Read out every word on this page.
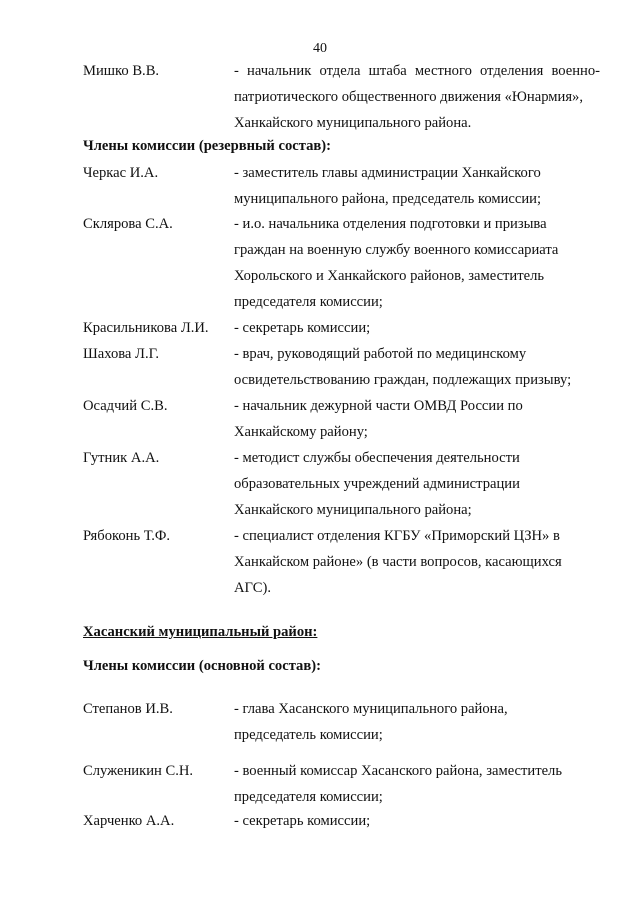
40
Мишко В.В.	- начальник отдела штаба местного отделения военно-
патриотического общественного движения «Юнармия»,
Ханкайского муниципального района.
Члены комиссии (резервный состав):
Черкас И.А.	- заместитель главы администрации Ханкайского
муниципального района, председатель комиссии;
Склярова С.А.	- и.о. начальника отделения подготовки и призыва
граждан на военную службу военного комиссариата
Хорольского и Ханкайского районов, заместитель
председателя комиссии;
Красильникова Л.И. - секретарь комиссии;
Шахова Л.Г.	- врач, руководящий работой по медицинскому
освидетельствованию граждан, подлежащих призыву;
Осадчий С.В.	- начальник дежурной части ОМВД России по
Ханкайскому району;
Гутник А.А.	- методист службы обеспечения деятельности
образовательных учреждений администрации
Ханкайского муниципального района;
Рябоконь Т.Ф.	- специалист отделения КГБУ «Приморский ЦЗН» в
Ханкайском районе» (в части вопросов, касающихся
АГС).
Хасанский муниципальный район:
Члены комиссии (основной состав):
Степанов И.В.	- глава Хасанского муниципального района,
председатель комиссии;
Служеникин С.Н.	- военный комиссар Хасанского района, заместитель
председателя комиссии;
Харченко А.А.	- секретарь комиссии;
